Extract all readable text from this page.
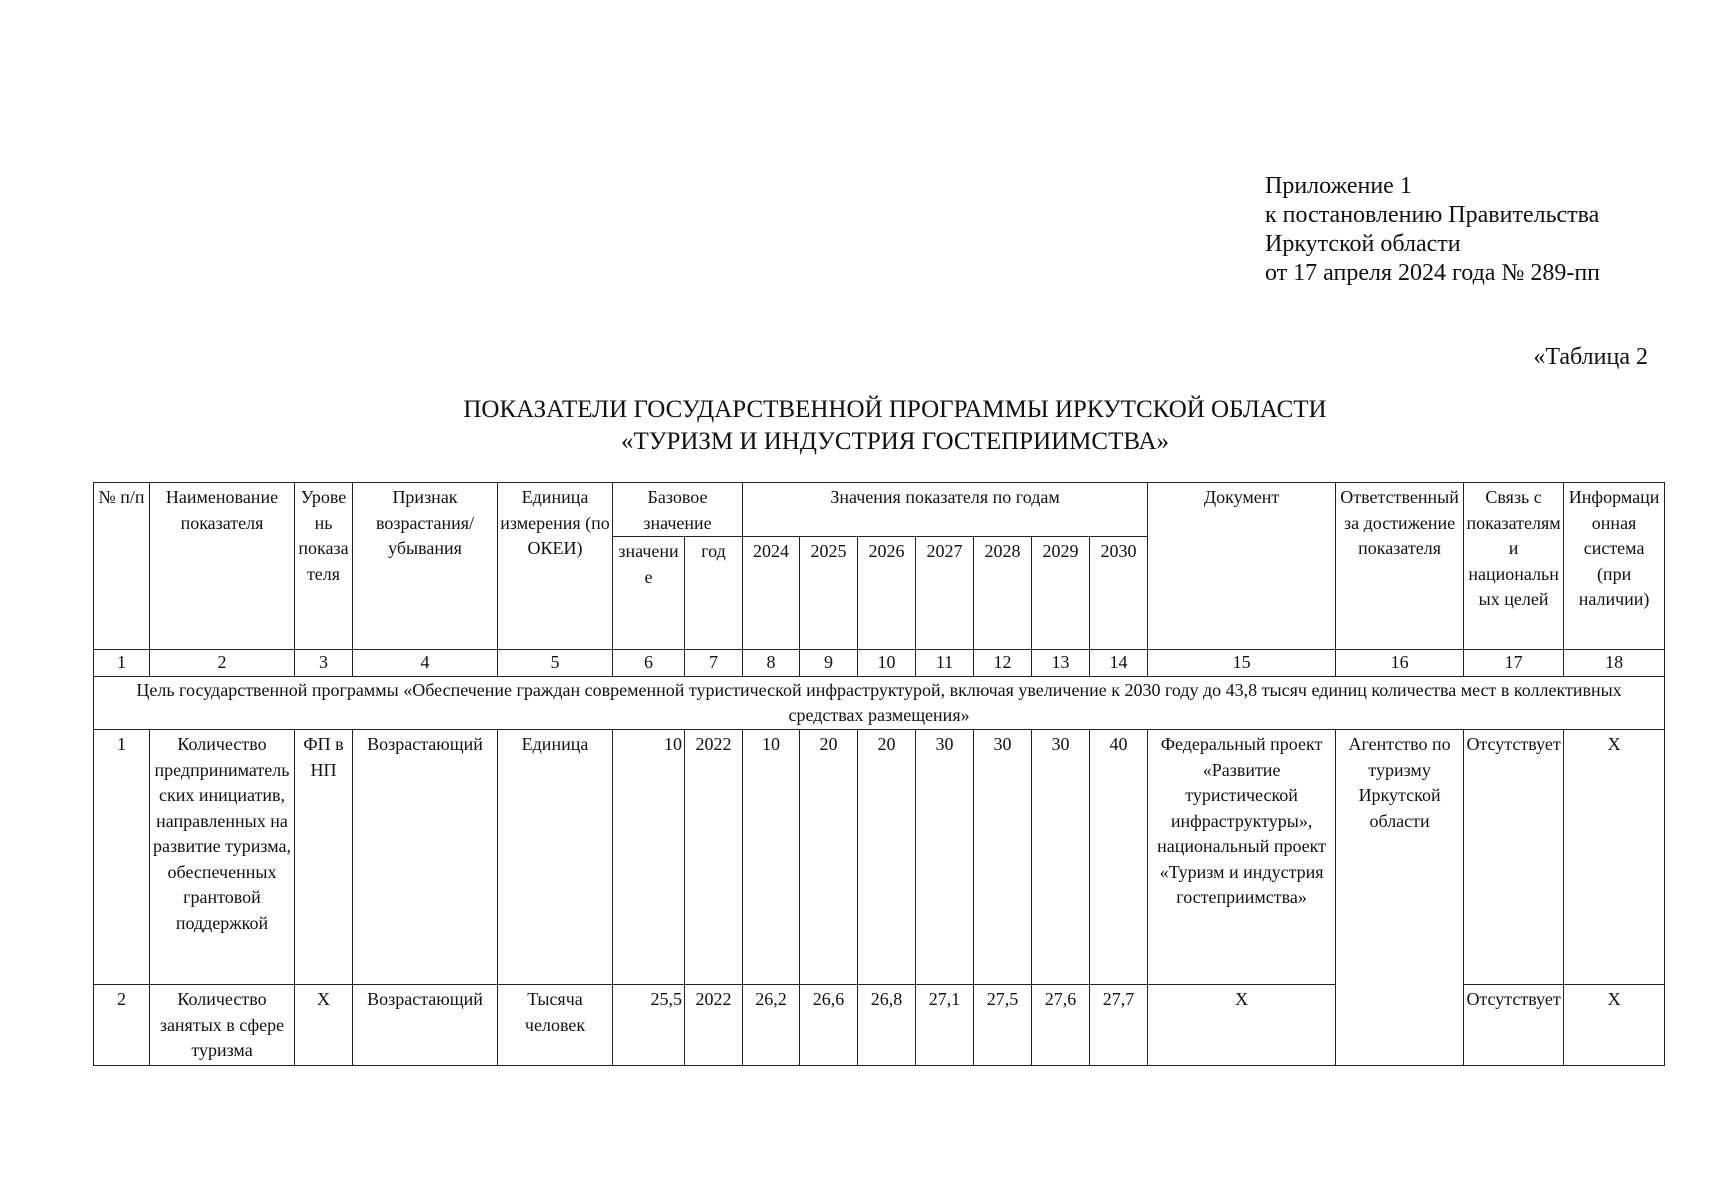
Приложение 1
к постановлению Правительства
Иркутской области
от 17 апреля 2024 года № 289-пп
«Таблица 2
ПОКАЗАТЕЛИ ГОСУДАРСТВЕННОЙ ПРОГРАММЫ ИРКУТСКОЙ ОБЛАСТИ
«ТУРИЗМ И ИНДУСТРИЯ ГОСТЕПРИИМСТВА»
№ п/п	Наименование показателя	Уровень показателя	Признак возрастания/убывания	Единица измерения (по ОКЕИ)	Базовое значение		Значения показателя по годам							Документ	Ответственный за достижение показателя	Связь с показателями национальных целей	Информационная система (при наличии)
					значение	год	2024	2025	2026	2027	2028	2029	2030				
1	2	3	4	5	6	7	8	9	10	11	12	13	14	15	16	17	18
Цель государственной программы «Обеспечение граждан современной туристической инфраструктурой, включая увеличение к 2030 году до 43,8 тысяч единиц количества мест в коллективных средствах размещения»																	
1	Количество предпринимательских инициатив, направленных на развитие туризма, обеспеченных грантовой поддержкой	ФП в НП	Возрастающий	Единица	10	2022	10	20	20	30	30	30	40	Федеральный проект «Развитие туристической инфраструктуры», национальный проект «Туризм и индустрия гостеприимства»	Агентство по туризму Иркутской области	Отсутствует	Х
2	Количество занятых в сфере туризма	Х	Возрастающий	Тысяча человек	25,5	2022	26,2	26,6	26,8	27,1	27,5	27,6	27,7	Х		Отсутствует	Х
